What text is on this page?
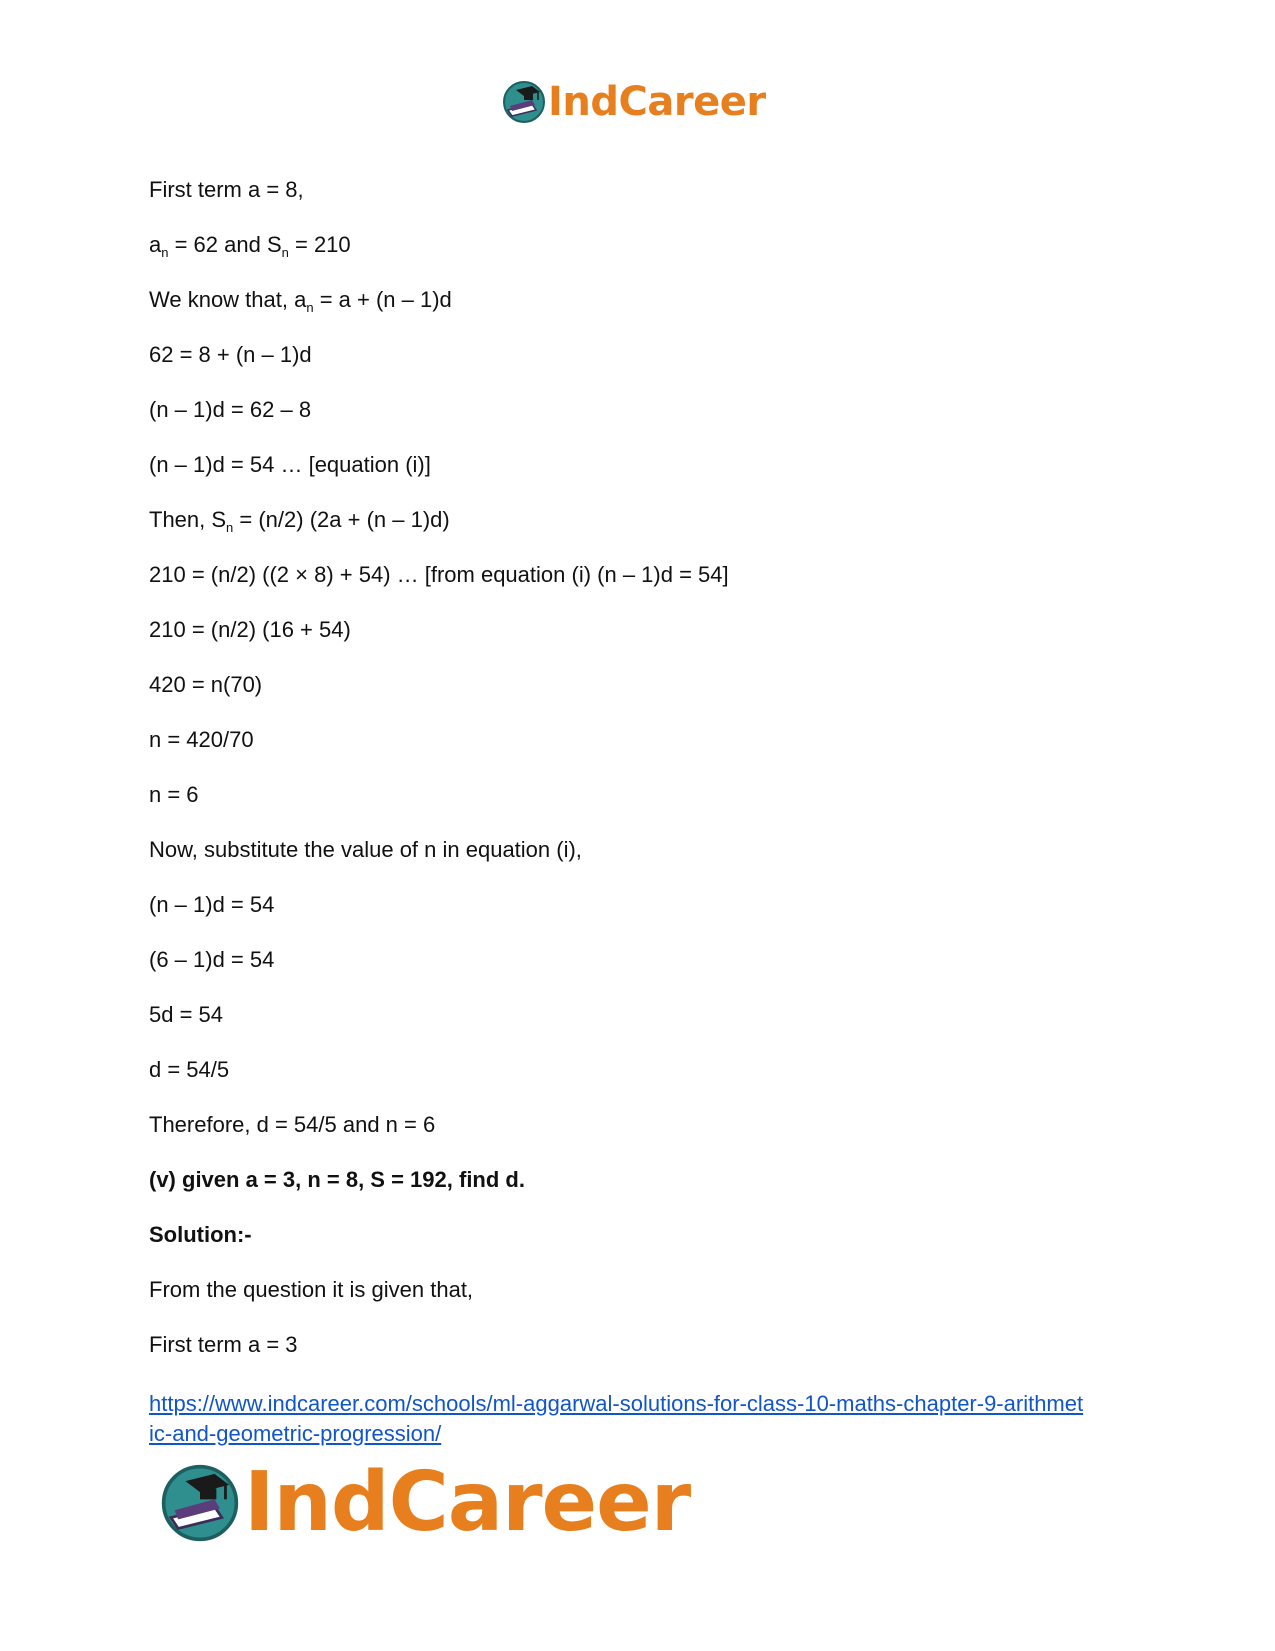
IndCareer
First term a = 8,
$a_n = 62$ and $S_n = 210$
We know that, $a_n = a + (n - 1)d$
62 = 8 + (n – 1)d
(n – 1)d = 62 – 8
(n – 1)d = 54 … [equation (i)]
Then, $S_n = (n/2) (2a + (n - 1)d)$
210 = (n/2) ((2 × 8) + 54) … [from equation (i) (n – 1)d = 54]
210 = (n/2) (16 + 54)
420 = n(70)
n = 420/70
n = 6
Now, substitute the value of n in equation (i),
(n – 1)d = 54
(6 – 1)d = 54
5d = 54
d = 54/5
Therefore, d = 54/5 and n = 6
(v) given a = 3, n = 8, S = 192, find d.
Solution:-
From the question it is given that,
First term a = 3
https://www.indcareer.com/schools/ml-aggarwal-solutions-for-class-10-maths-chapter-9-arithmet
ic-and-geometric-progression/
IndCareer
